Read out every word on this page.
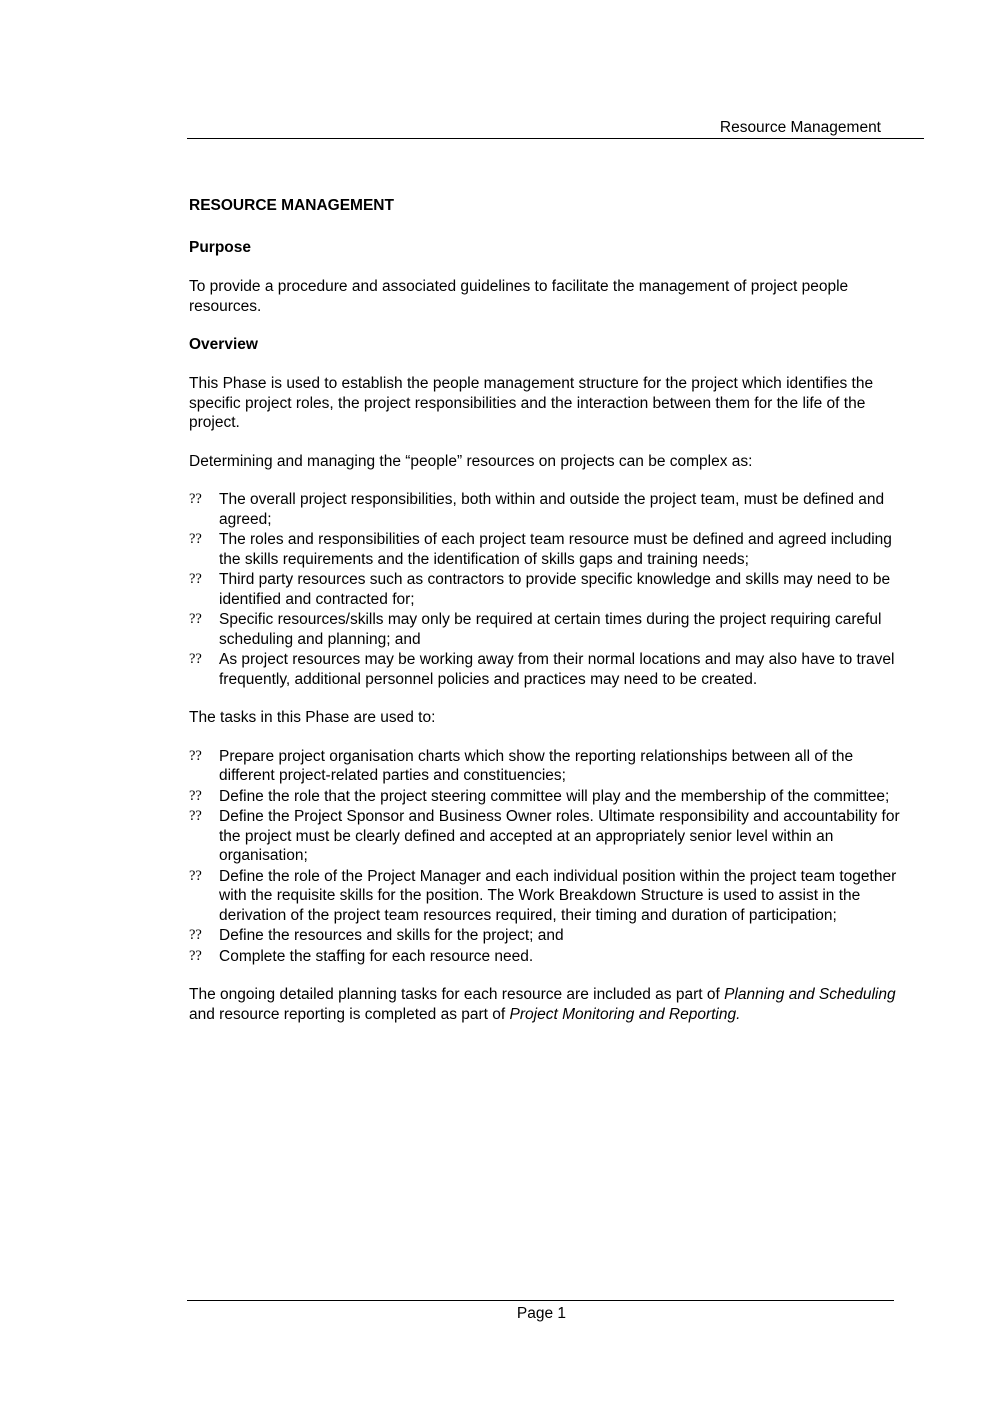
Resource Management
RESOURCE MANAGEMENT
Purpose

To provide a procedure and associated guidelines to facilitate the management of project people resources.

Overview

This Phase is used to establish the people management structure for the project which identifies the specific project roles, the project responsibilities and the interaction between them for the life of the project.

Determining and managing the “people” resources on projects can be complex as:

?? The overall project responsibilities, both within and outside the project team, must be defined and agreed;
?? The roles and responsibilities of each project team resource must be defined and agreed including the skills requirements and the identification of skills gaps and training needs;
?? Third party resources such as contractors to provide specific knowledge and skills may need to be identified and contracted for;
?? Specific resources/skills may only be required at certain times during the project requiring careful scheduling and planning; and
?? As project resources may be working away from their normal locations and may also have to travel frequently, additional personnel policies and practices may need to be created.

The tasks in this Phase are used to:

?? Prepare project organisation charts which show the reporting relationships between all of the different project-related parties and constituencies;
?? Define the role that the project steering committee will play and the membership of the committee;
?? Define the Project Sponsor and Business Owner roles. Ultimate responsibility and accountability for the project must be clearly defined and accepted at an appropriately senior level within an organisation;
?? Define the role of the Project Manager and each individual position within the project team together with the requisite skills for the position. The Work Breakdown Structure is used to assist in the derivation of the project team resources required, their timing and duration of participation;
?? Define the resources and skills for the project; and
?? Complete the staffing for each resource need.

The ongoing detailed planning tasks for each resource are included as part of Planning and Scheduling and resource reporting is completed as part of Project Monitoring and Reporting.

Page 1
